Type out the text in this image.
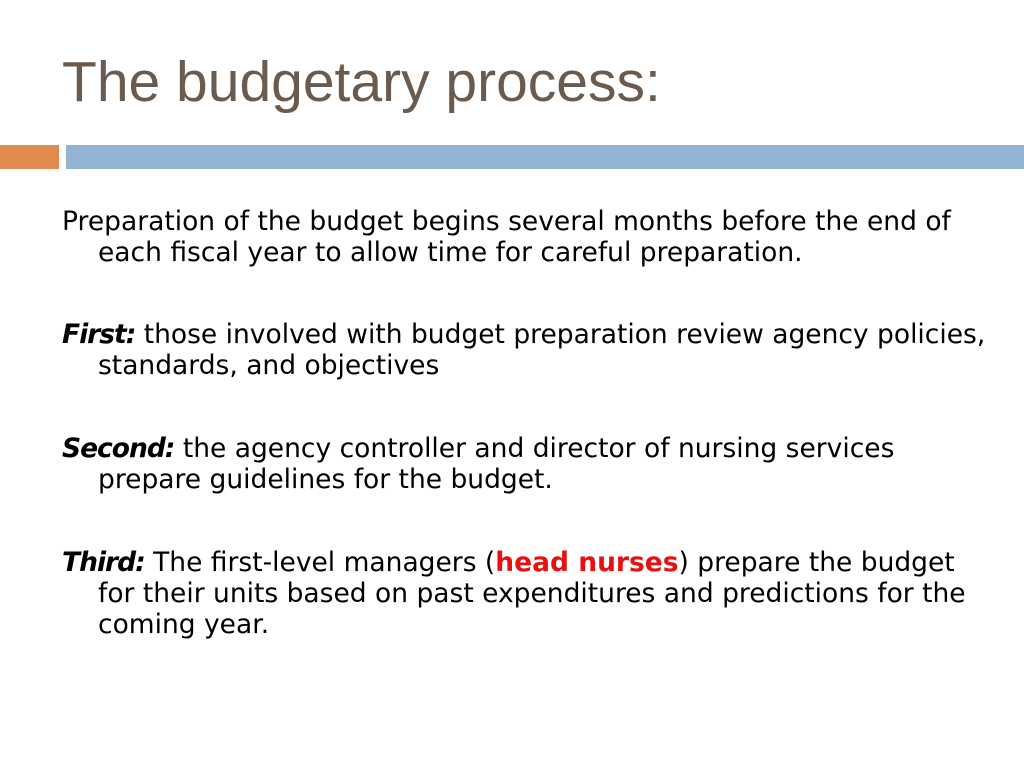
The budgetary process:

Preparation of the budget begins several months before the end of each fiscal year to allow time for careful preparation.

First: those involved with budget preparation review agency policies, standards, and objectives

Second: the agency controller and director of nursing services prepare guidelines for the budget.

Third: The first-level managers (head nurses) prepare the budget for their units based on past expenditures and predictions for the coming year.
